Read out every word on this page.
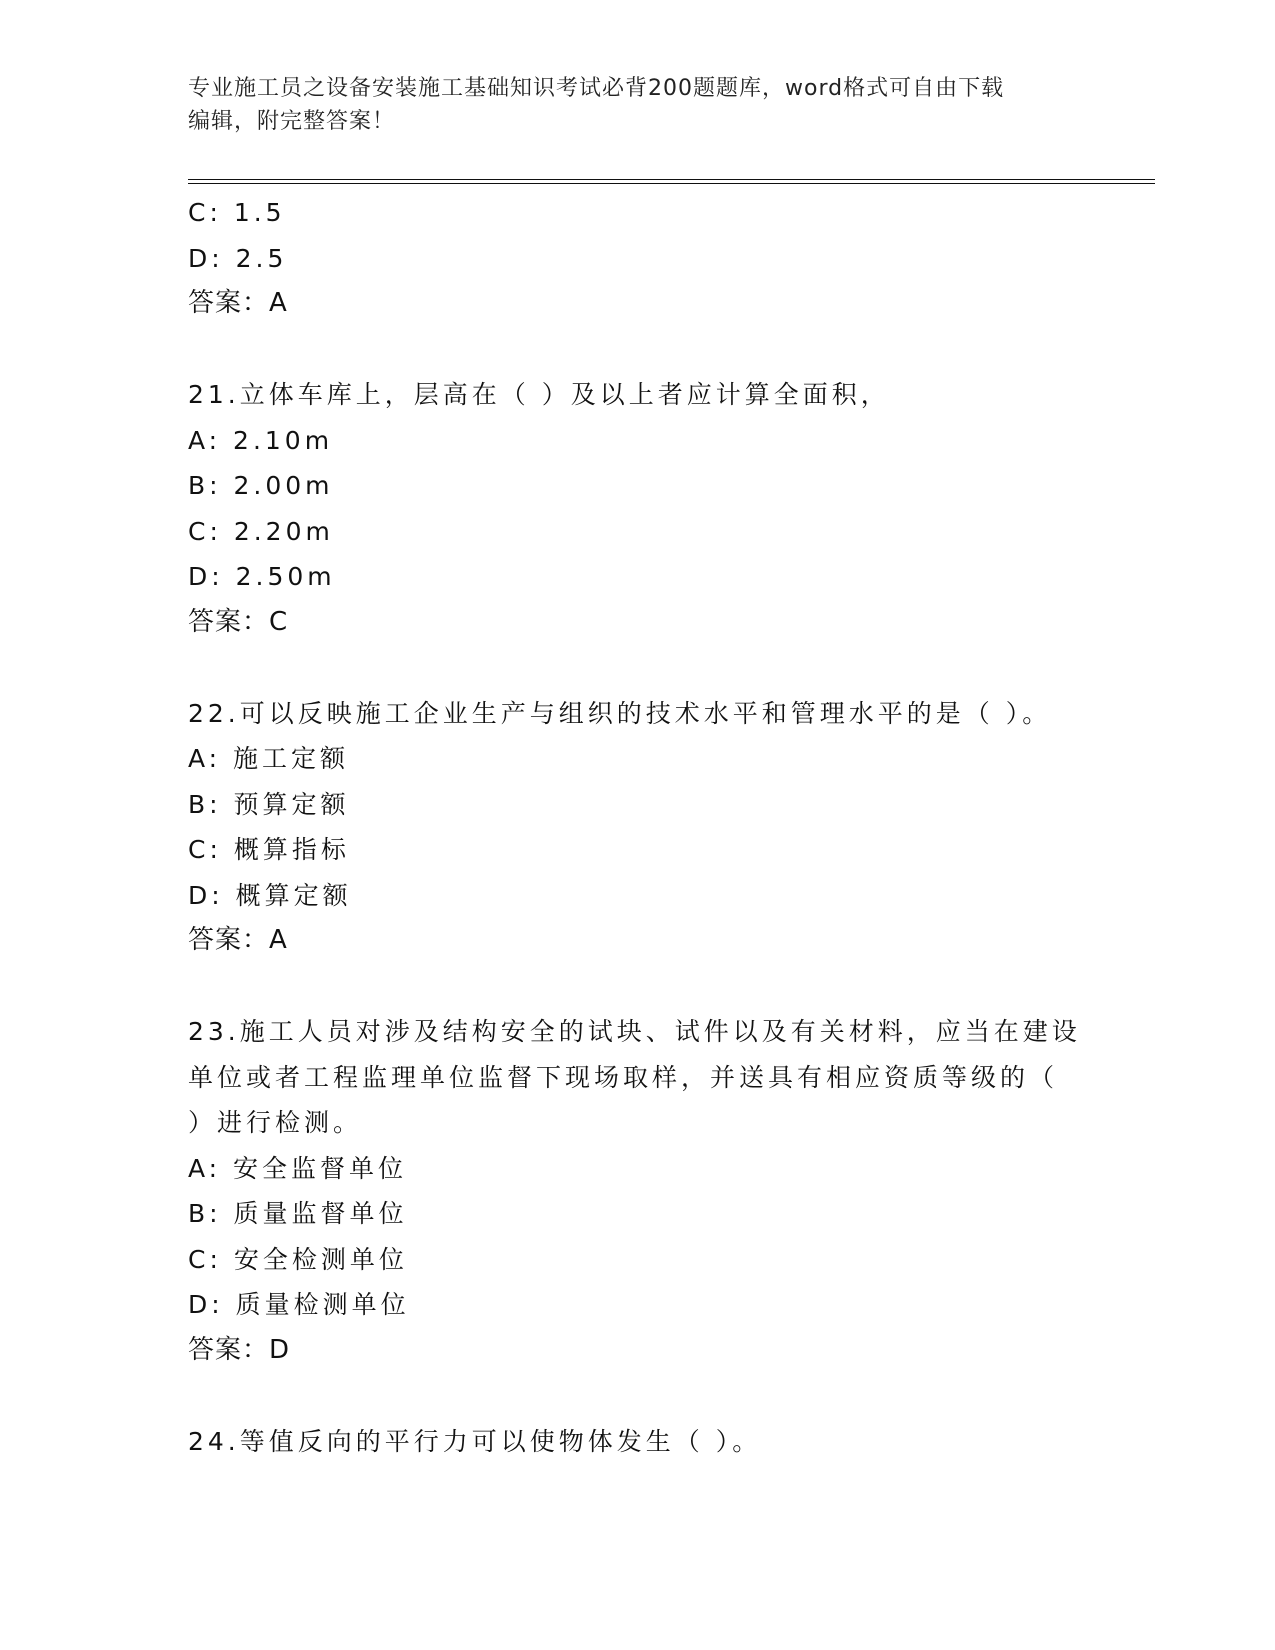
专业施工员之设备安装施工基础知识考试必背200题题库，word格式可自由下载
编辑，附完整答案！
C: 1.5
D: 2.5
答案：A
21.立体车库上，层高在（ ）及以上者应计算全面积，
A: 2.10m
B: 2.00m
C: 2.20m
D: 2.50m
答案：C
22.可以反映施工企业生产与组织的技术水平和管理水平的是（ ）。
A: 施工定额
B: 预算定额
C: 概算指标
D: 概算定额
答案：A
23.施工人员对涉及结构安全的试块、试件以及有关材料，应当在建设
单位或者工程监理单位监督下现场取样，并送具有相应资质等级的（
）进行检测。
A: 安全监督单位
B: 质量监督单位
C: 安全检测单位
D: 质量检测单位
答案：D
24.等值反向的平行力可以使物体发生（ ）。
